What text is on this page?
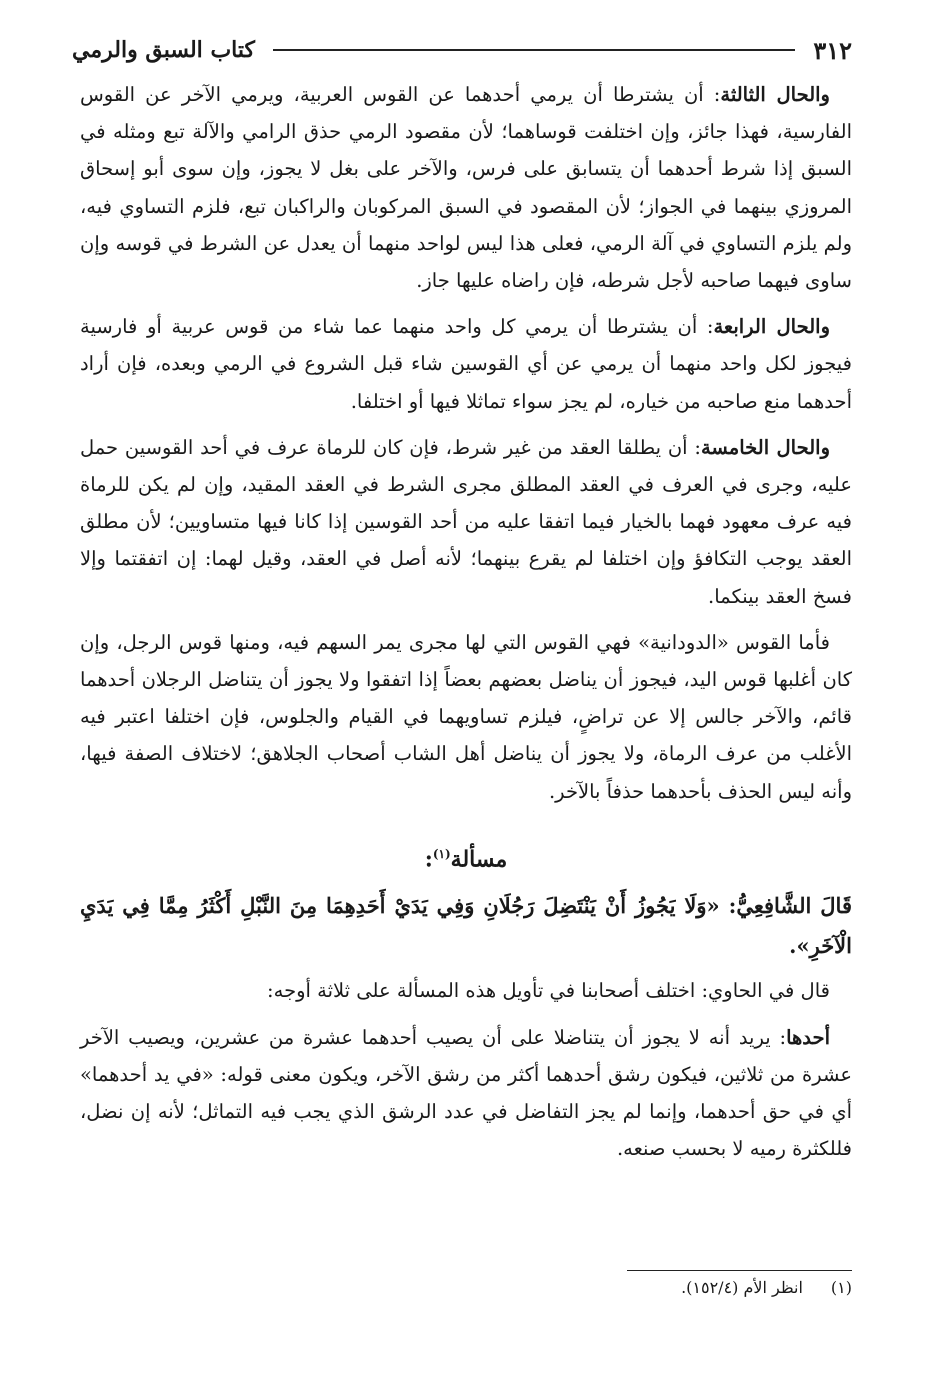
٣١٢
كتاب السبق والرمي

والحال الثالثة: أن يشترطا أن يرمي أحدهما عن القوس العربية، ويرمي الآخر عن القوس الفارسية، فهذا جائز، وإن اختلفت قوساهما؛ لأن مقصود الرمي حذق الرامي والآلة تبع ومثله في السبق إذا شرط أحدهما أن يتسابق على فرس، والآخر على بغل لا يجوز، وإن سوى أبو إسحاق المروزي بينهما في الجواز؛ لأن المقصود في السبق المركوبان والراكبان تبع، فلزم التساوي فيه، ولم يلزم التساوي في آلة الرمي، فعلى هذا ليس لواحد منهما أن يعدل عن الشرط في قوسه وإن ساوى فيهما صاحبه لأجل شرطه، فإن راضاه عليها جاز.

والحال الرابعة: أن يشترطا أن يرمي كل واحد منهما عما شاء من قوس عربية أو فارسية فيجوز لكل واحد منهما أن يرمي عن أي القوسين شاء قبل الشروع في الرمي وبعده، فإن أراد أحدهما منع صاحبه من خياره، لم يجز سواء تماثلا فيها أو اختلفا.

والحال الخامسة: أن يطلقا العقد من غير شرط، فإن كان للرماة عرف في أحد القوسين حمل عليه، وجرى في العرف في العقد المطلق مجرى الشرط في العقد المقيد، وإن لم يكن للرماة فيه عرف معهود فهما بالخيار فيما اتفقا عليه من أحد القوسين إذا كانا فيها متساويين؛ لأن مطلق العقد يوجب التكافؤ وإن اختلفا لم يقرع بينهما؛ لأنه أصل في العقد، وقيل لهما: إن اتفقتما وإلا فسخ العقد بينكما.

فأما القوس «الدودانية» فهي القوس التي لها مجرى يمر السهم فيه، ومنها قوس الرجل، وإن كان أغلبها قوس اليد، فيجوز أن يناضل بعضهم بعضاً إذا اتفقوا ولا يجوز أن يتناضل الرجلان أحدهما قائم، والآخر جالس إلا عن تراضٍ، فيلزم تساويهما في القيام والجلوس، فإن اختلفا اعتبر فيه الأغلب من عرف الرماة، ولا يجوز أن يناضل أهل الشاب أصحاب الجلاهق؛ لاختلاف الصفة فيها، وأنه ليس الحذف بأحدهما حذفاً بالآخر.

مسألة$^{(١)}$:

قَالَ الشَّافِعِيُّ: «وَلَا يَجُوزُ أَنْ يَنْتَضِلَ رَجُلَانِ وَفِي يَدَيْ أَحَدِهِمَا مِنَ النَّبْلِ أَكْثَرُ مِمَّا فِي يَدَيِ الْآخَرِ».

قال في الحاوي: اختلف أصحابنا في تأويل هذه المسألة على ثلاثة أوجه:

أحدها: يريد أنه لا يجوز أن يتناضلا على أن يصيب أحدهما عشرة من عشرين، ويصيب الآخر عشرة من ثلاثين، فيكون رشق أحدهما أكثر من رشق الآخر، ويكون معنى قوله: «في يد أحدهما» أي في حق أحدهما، وإنما لم يجز التفاضل في عدد الرشق الذي يجب فيه التماثل؛ لأنه إن نضل، فللكثرة رميه لا بحسب صنعه.

(١)
انظر الأم (١٥٢/٤).
